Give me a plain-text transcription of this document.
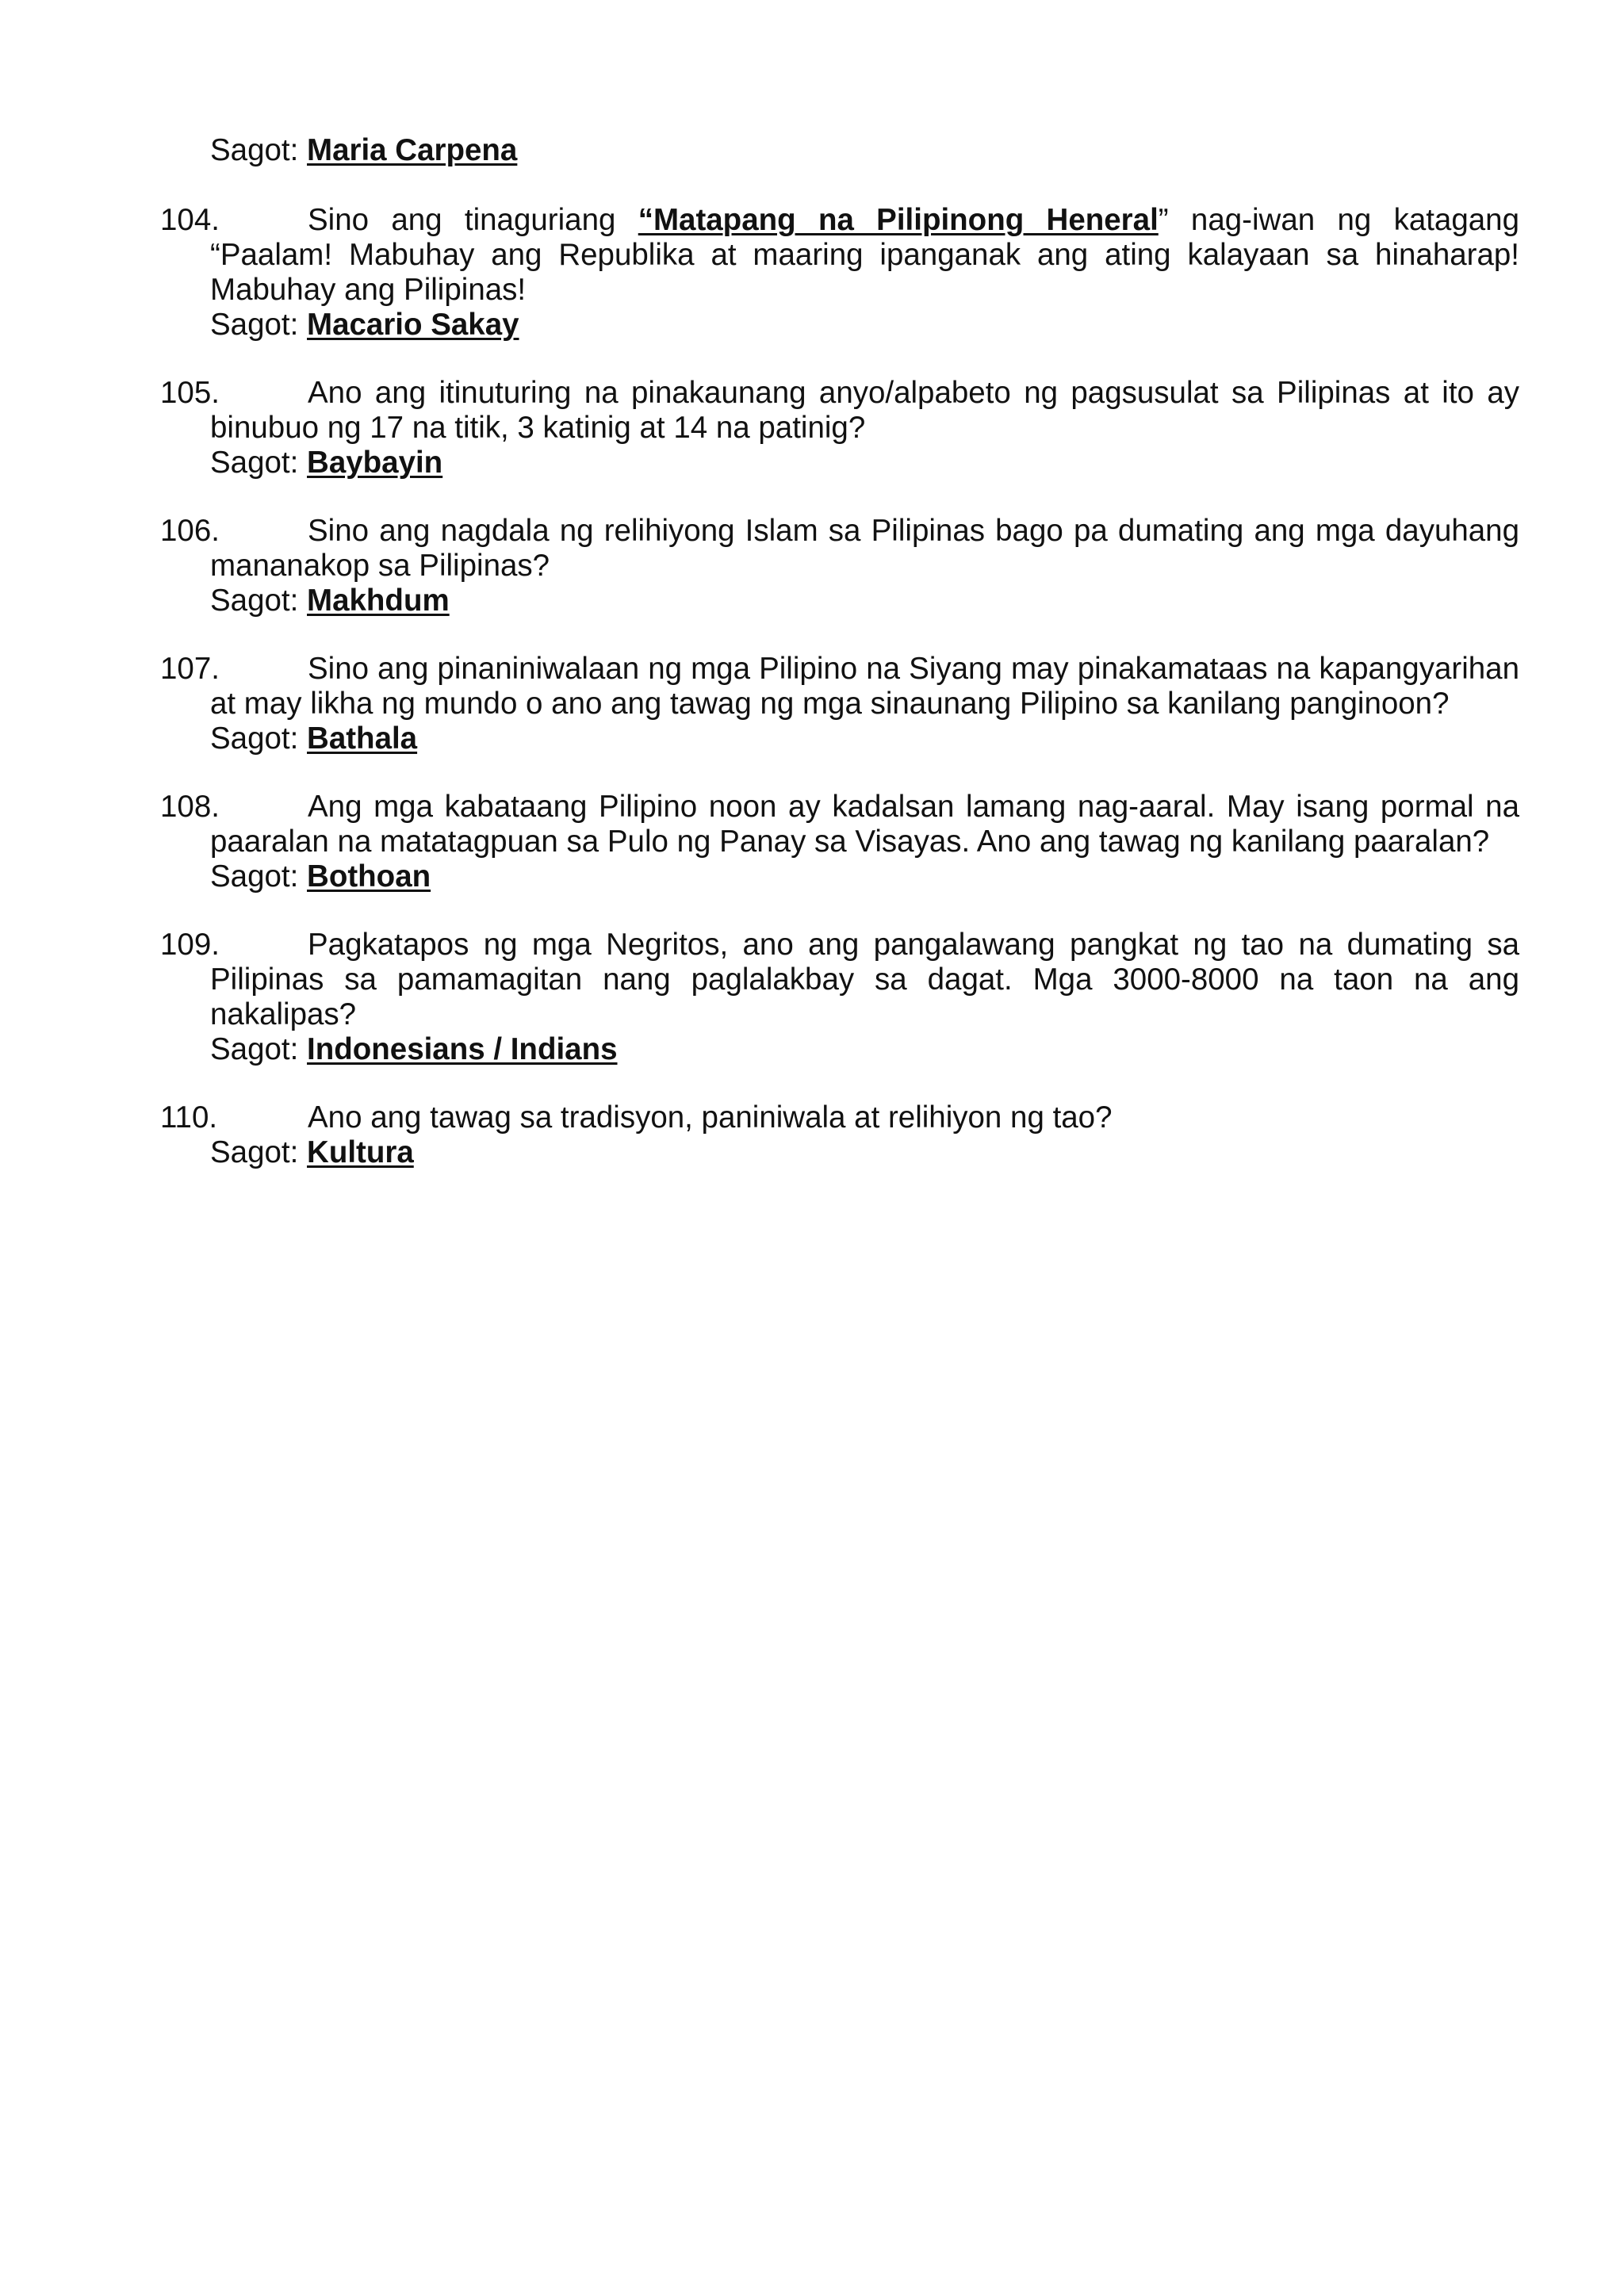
Sagot: Maria Carpena
104.	Sino ang tinaguriang “Matapang na Pilipinong Heneral” nag-iwan ng katagang “Paalam! Mabuhay ang Republika at maaring ipanganak ang ating kalayaan sa hinaharap! Mabuhay ang Pilipinas!
Sagot: Macario Sakay
105.	Ano ang itinuturing na pinakaunang anyo/alpabeto ng pagsusulat sa Pilipinas at ito ay binubuo ng 17 na titik, 3 katinig at 14 na patinig?
Sagot: Baybayin
106.	Sino ang nagdala ng relihiyong Islam sa Pilipinas bago pa dumating ang mga dayuhang mananakop sa Pilipinas?
Sagot: Makhdum
107.	Sino ang pinaniniwalaan ng mga Pilipino na Siyang may pinakamataas na kapangyarihan at may likha ng mundo o ano ang tawag ng mga sinaunang Pilipino sa kanilang panginoon?
Sagot: Bathala
108.	Ang mga kabataang Pilipino noon ay kadalsan lamang nag-aaral. May isang pormal na paaralan na matatagpuan sa Pulo ng Panay sa Visayas. Ano ang tawag ng kanilang paaralan?
Sagot: Bothoan
109.	Pagkatapos ng mga Negritos, ano ang pangalawang pangkat ng tao na dumating sa Pilipinas sa pamamagitan nang paglalakbay sa dagat. Mga 3000-8000 na taon na ang nakalipas?
Sagot: Indonesians / Indians
110.	Ano ang tawag sa tradisyon, paniniwala at relihiyon ng tao?
Sagot: Kultura
